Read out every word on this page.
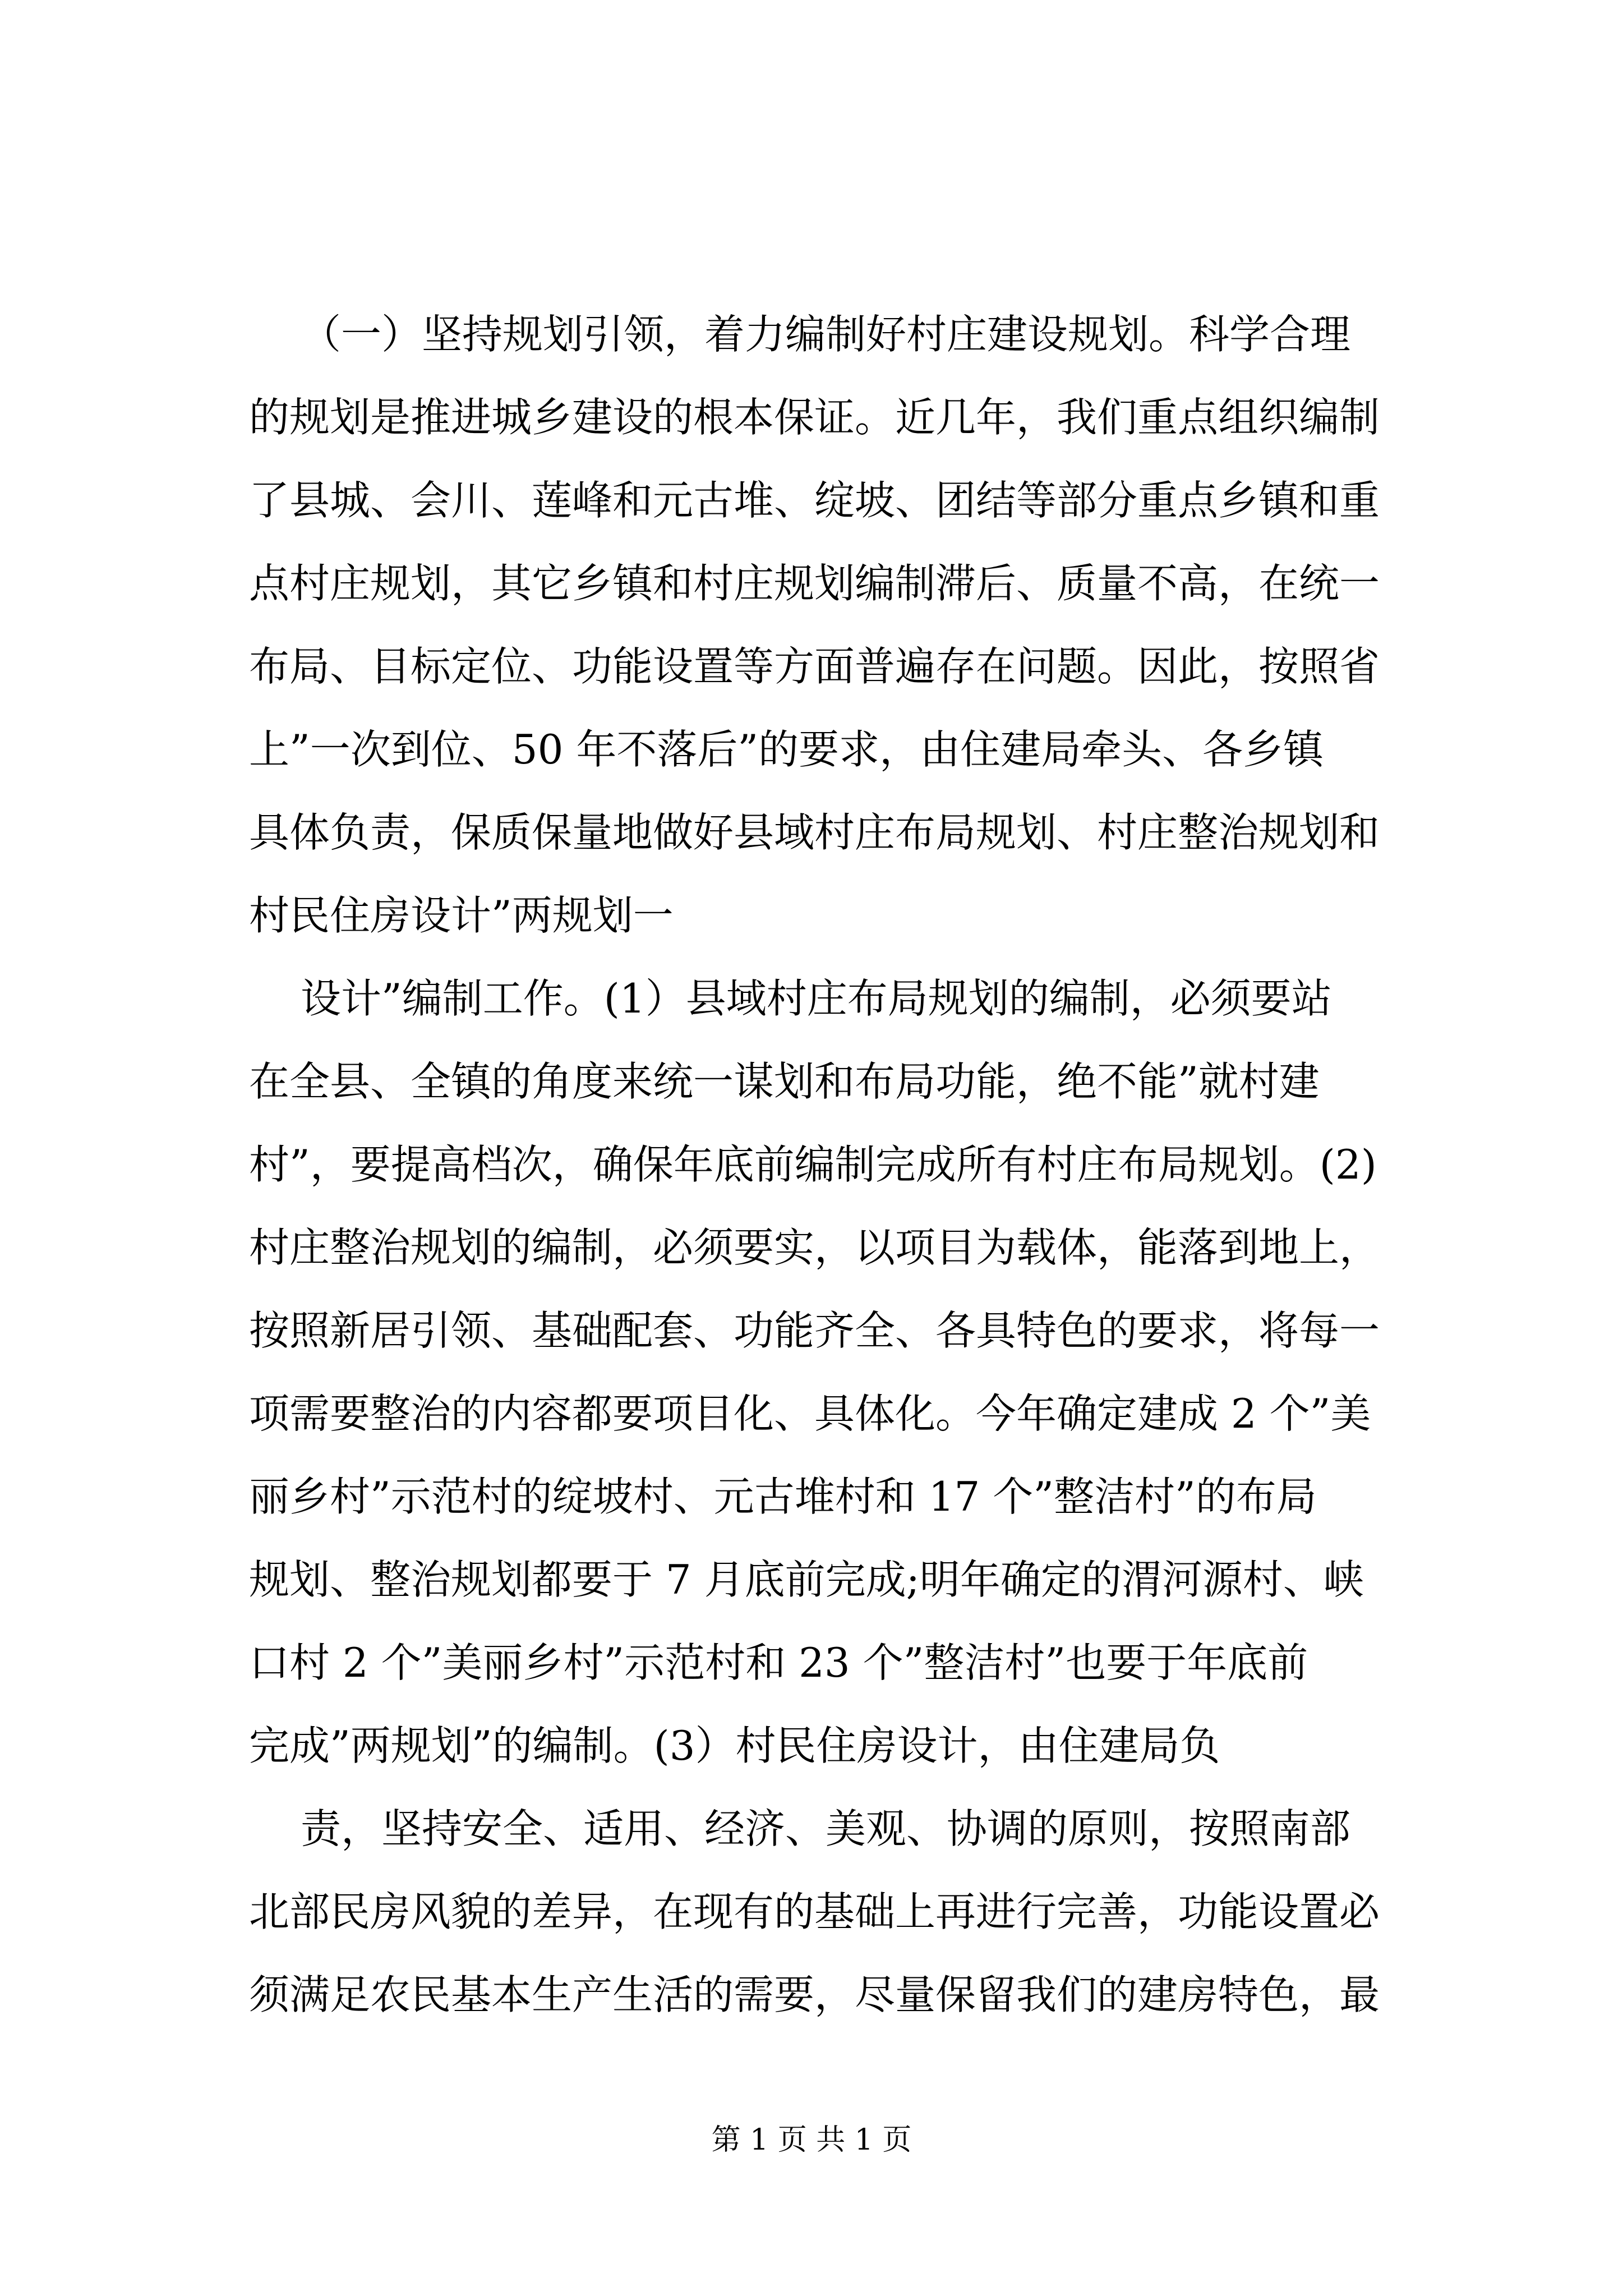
（一）坚持规划引领，着力编制好村庄建设规划。科学合理
的规划是推进城乡建设的根本保证。近几年，我们重点组织编制
了县城、会川、莲峰和元古堆、绽坡、团结等部分重点乡镇和重
点村庄规划，其它乡镇和村庄规划编制滞后、质量不高，在统一
布局、目标定位、功能设置等方面普遍存在问题。因此，按照省
上”一次到位、50 年不落后”的要求，由住建局牵头、各乡镇
具体负责，保质保量地做好县域村庄布局规划、村庄整治规划和
村民住房设计”两规划一
设计”编制工作。(1）县域村庄布局规划的编制，必须要站
在全县、全镇的角度来统一谋划和布局功能，绝不能”就村建
村”，要提高档次，确保年底前编制完成所有村庄布局规划。(2)
村庄整治规划的编制，必须要实，以项目为载体，能落到地上，
按照新居引领、基础配套、功能齐全、各具特色的要求，将每一
项需要整治的内容都要项目化、具体化。今年确定建成 2 个”美
丽乡村”示范村的绽坡村、元古堆村和 17 个”整洁村”的布局
规划、整治规划都要于 7 月底前完成;明年确定的渭河源村、峡
口村 2 个”美丽乡村”示范村和 23 个”整洁村”也要于年底前
完成”两规划”的编制。(3）村民住房设计，由住建局负
责，坚持安全、适用、经济、美观、协调的原则，按照南部
北部民房风貌的差异，在现有的基础上再进行完善，功能设置必
须满足农民基本生产生活的需要，尽量保留我们的建房特色，最
第 1 页 共 1 页
